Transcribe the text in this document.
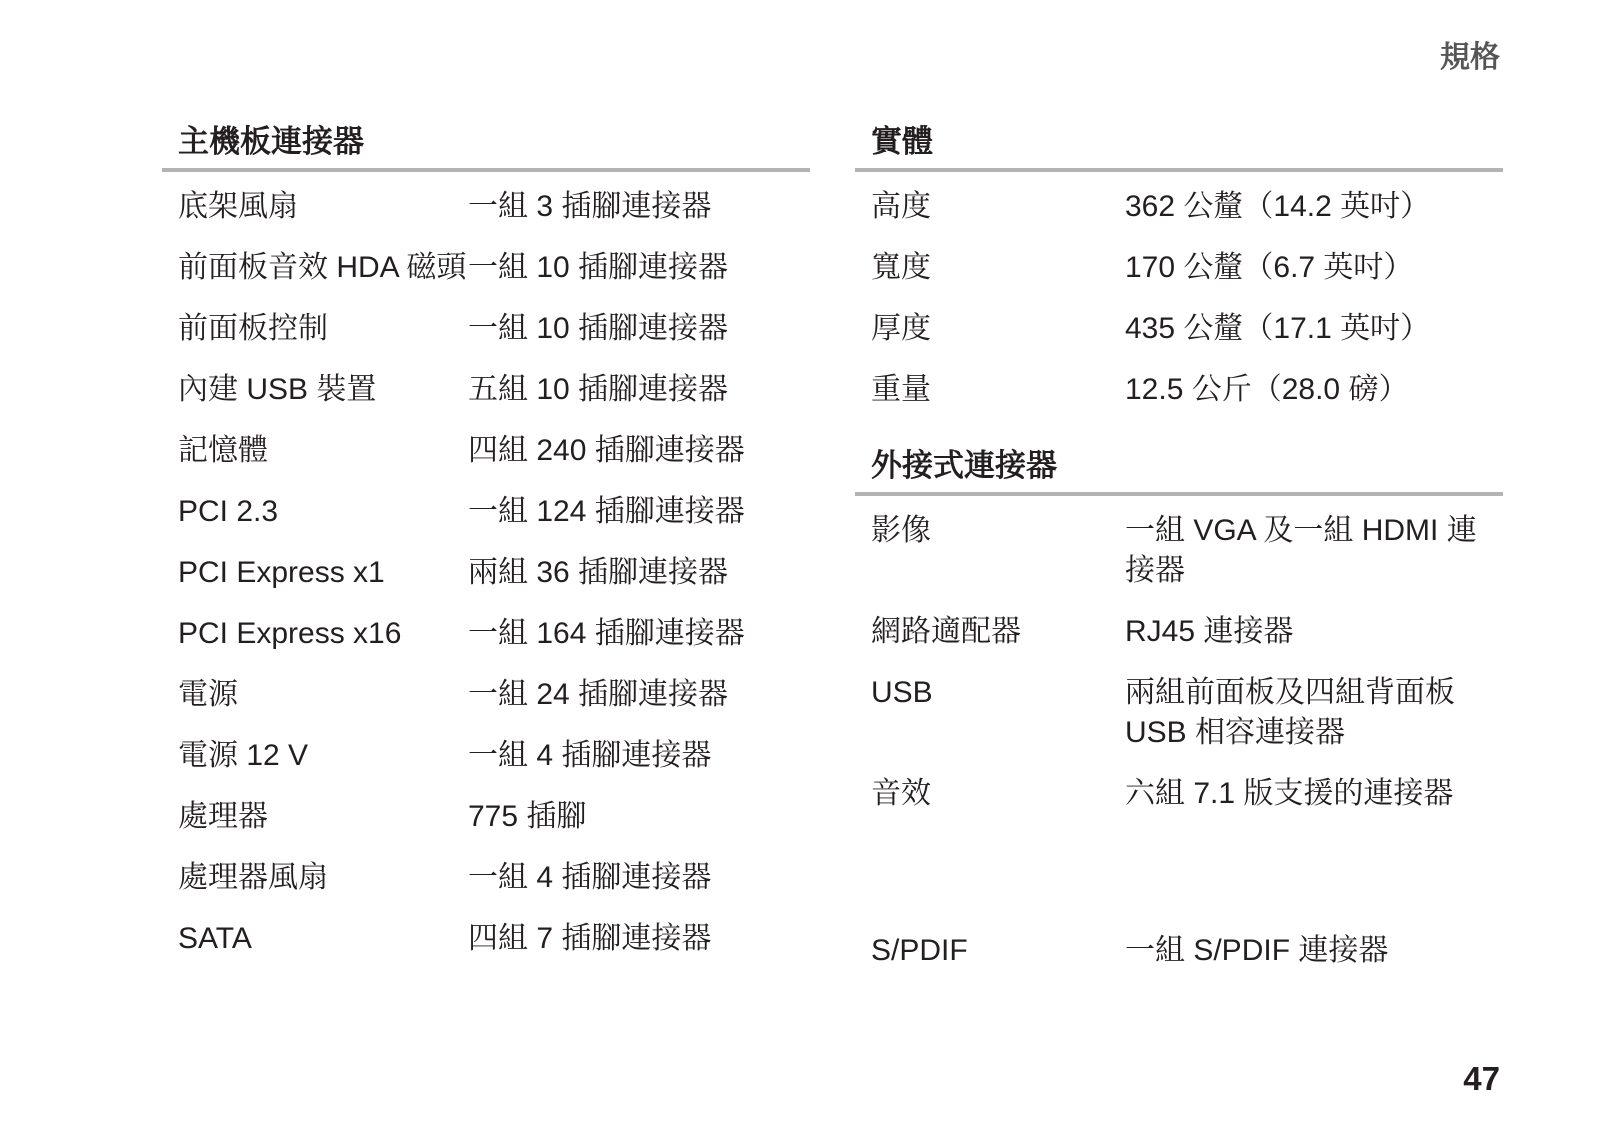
規格
主機板連接器
底架風扇	一組 3 插腳連接器
前面板音效 HDA 磁頭 一組 10 插腳連接器
前面板控制	一組 10 插腳連接器
內建 USB 裝置	五組 10 插腳連接器
記憶體	四組 240 插腳連接器
PCI 2.3	一組 124 插腳連接器
PCI Express x1	兩組 36 插腳連接器
PCI Express x16	一組 164 插腳連接器
電源	一組 24 插腳連接器
電源 12 V	一組 4 插腳連接器
處理器	775 插腳
處理器風扇	一組 4 插腳連接器
SATA	四組 7 插腳連接器
實體
高度	362 公釐（14.2 英吋）
寬度	170 公釐（6.7 英吋）
厚度	435 公釐（17.1 英吋）
重量	12.5 公斤（28.0 磅）
外接式連接器
影像	一組 VGA 及一組 HDMI 連接器
網路適配器	RJ45 連接器
USB	兩組前面板及四組背面板 USB 相容連接器
音效	六組 7.1 版支援的連接器
S/PDIF	一組 S/PDIF 連接器
47
